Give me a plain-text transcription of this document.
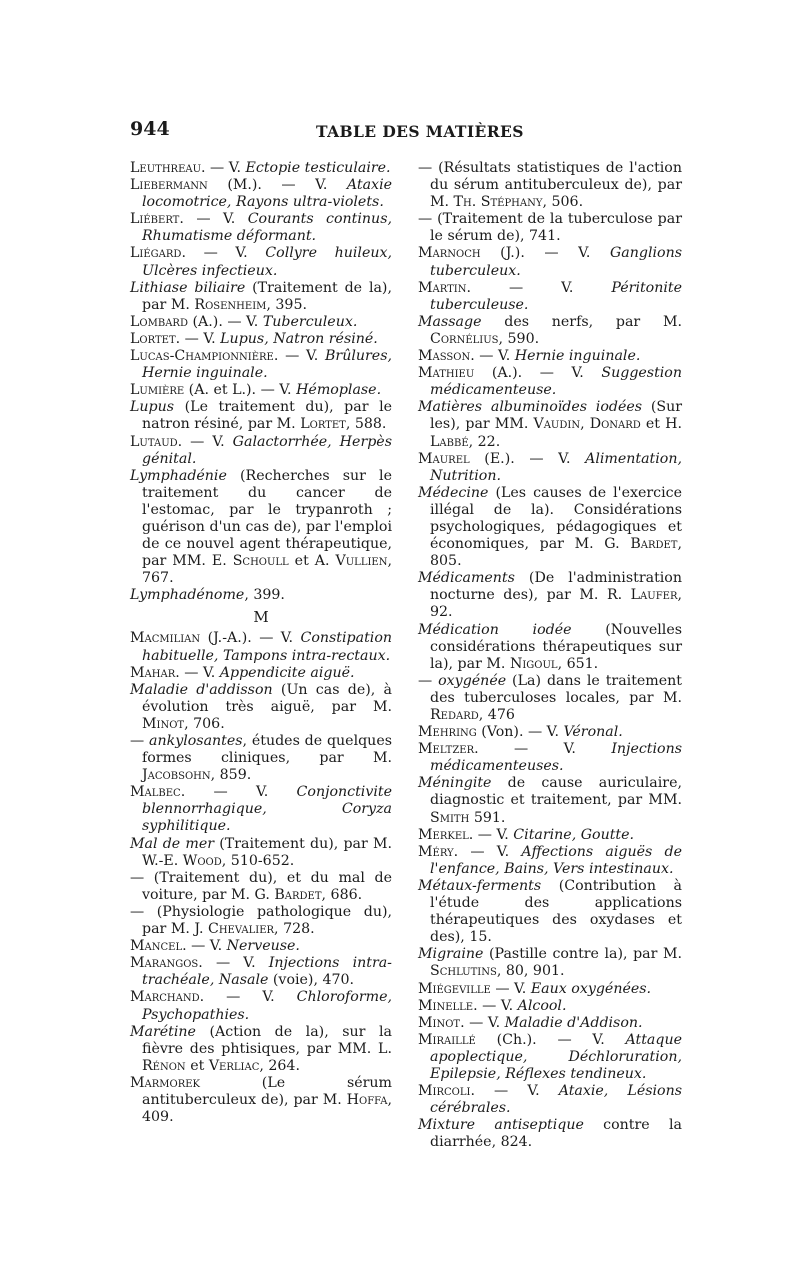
944	TABLE DES MATIÈRES
Leuthreau. — V. Ectopie testiculaire.
Liebermann (M.). — V. Ataxie locomotrice, Rayons ultra-violets.
Liébert. — V. Courants continus, Rhumatisme déformant.
Liégard. — V. Collyre huileux, Ulcères infectieux.
Lithiase biliaire (Traitement de la), par M. Rosenheim, 395.
Lombard (A.). — V. Tuberculeux.
Lortet. — V. Lupus, Natron résiné.
Lucas-Championnière. — V. Brûlures, Hernie inguinale.
Lumière (A. et L.). — V. Hémoplase.
Lupus (Le traitement du), par le natron résiné, par M. Lortet, 588.
Lutaud. — V. Galactorrhée, Herpès génital.
Lymphadénie (Recherches sur le traitement du cancer de l'estomac, par le trypanroth ; guérison d'un cas de), par l'emploi de ce nouvel agent thérapeutique, par MM. E. Schoull et A. Vullien, 767.
Lymphadénome, 399.
M
Macmilian (J.-A.). — V. Constipation habituelle, Tampons intra-rectaux.
Mahar. — V. Appendicite aiguë.
Maladie d'addisson (Un cas de), à évolution très aiguë, par M. Minot, 706.
— ankylosantes, études de quelques formes cliniques, par M. Jacobsohn, 859.
Malbec. — V. Conjonctivite blennorrhagique, Coryza syphilitique.
Mal de mer (Traitement du), par M. W.-E. Wood, 510-652.
— (Traitement du), et du mal de voiture, par M. G. Bardet, 686.
— (Physiologie pathologique du), par M. J. Chevalier, 728.
Mancel. — V. Nerveuse.
Marangos. — V. Injections intra-trachéale, Nasale (voie), 470.
Marchand. — V. Chloroforme, Psychopathies.
Marétine (Action de la), sur la fièvre des phtisiques, par MM. L. Rénon et Verliac, 264.
Marmorek (Le sérum antituberculeux de), par M. Hoffa, 409.
— (Résultats statistiques de l'action du sérum antituberculeux de), par M. Th. Stéphany, 506.
— (Traitement de la tuberculose par le sérum de), 741.
Marnoch (J.). — V. Ganglions tuberculeux.
Martin. — V. Péritonite tuberculeuse.
Massage des nerfs, par M. Cornélius, 590.
Masson. — V. Hernie inguinale.
Mathieu (A.). — V. Suggestion médicamenteuse.
Matières albuminoïdes iodées (Sur les), par MM. Vaudin, Donard et H. Labbé, 22.
Maurel (E.). — V. Alimentation, Nutrition.
Médecine (Les causes de l'exercice illégal de la). Considérations psychologiques, pédagogiques et économiques, par M. G. Bardet, 805.
Médicaments (De l'administration nocturne des), par M. R. Laufer, 92.
Médication iodée (Nouvelles considérations thérapeutiques sur la), par M. Nigoul, 651.
— oxygénée (La) dans le traitement des tuberculoses locales, par M. Redard, 476
Mehring (Von). — V. Véronal.
Meltzer. — V. Injections médicamenteuses.
Méningite de cause auriculaire, diagnostic et traitement, par MM. Smith 591.
Merkel. — V. Citarine, Goutte.
Méry. — V. Affections aiguës de l'enfance, Bains, Vers intestinaux.
Métaux-ferments (Contribution à l'étude des applications thérapeutiques des oxydases et des), 15.
Migraine (Pastille contre la), par M. Schlutins, 80, 901.
Miégeville — V. Eaux oxygénées.
Minelle. — V. Alcool.
Minot. — V. Maladie d'Addison.
Miraillé (Ch.). — V. Attaque apoplectique, Déchloruration, Epilepsie, Réflexes tendineux.
Mircoli. — V. Ataxie, Lésions cérébrales.
Mixture antiseptique contre la diarrhée, 824.
